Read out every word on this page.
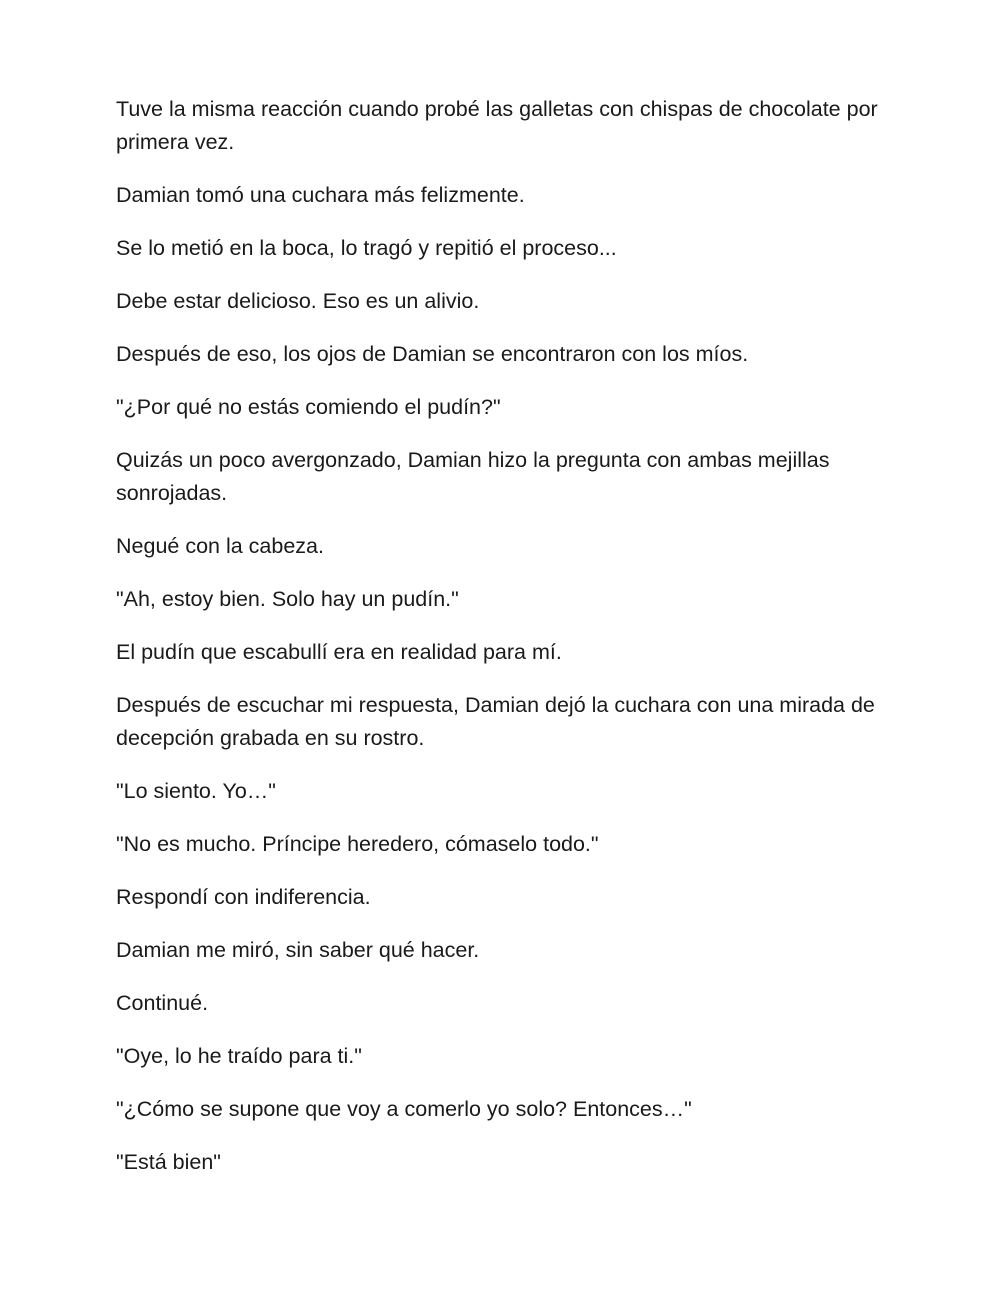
Tuve la misma reacción cuando probé las galletas con chispas de chocolate por primera vez.

Damian tomó una cuchara más felizmente.

Se lo metió en la boca, lo tragó y repitió el proceso...

Debe estar delicioso. Eso es un alivio.

Después de eso, los ojos de Damian se encontraron con los míos.

"¿Por qué no estás comiendo el pudín?"

Quizás un poco avergonzado, Damian hizo la pregunta con ambas mejillas sonrojadas.

Negué con la cabeza.

"Ah, estoy bien. Solo hay un pudín."

El pudín que escabullí era en realidad para mí.

Después de escuchar mi respuesta, Damian dejó la cuchara con una mirada de decepción grabada en su rostro.

"Lo siento. Yo…"

"No es mucho. Príncipe heredero, cómaselo todo."

Respondí con indiferencia.

Damian me miró, sin saber qué hacer.

Continué.

"Oye, lo he traído para ti."

"¿Cómo se supone que voy a comerlo yo solo? Entonces…"

"Está bien"
